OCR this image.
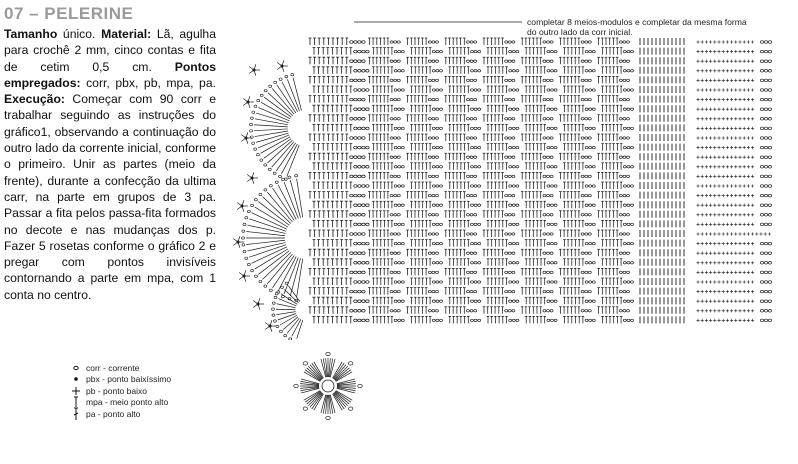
07 – PELERINE
Tamanho único. Material: Lã, agulha para crochê 2 mm, cinco contas e fita de cetim 0,5 cm. Pontos empregados: corr, pbx, pb, mpa, pa. Execução: Começar com 90 corr e trabalhar seguindo as instruções do gráfico1, observando a continuação do outro lado da corrente inicial, conforme o primeiro. Unir as partes (meio da frente), durante a confecção da ultima carr, na parte em grupos de 3 pa. Passar a fita pelos passa-fita formados no decote e nas mudanças dos p. Fazer 5 rosetas conforme o gráfico 2 e pregar com pontos invisíveis contornando a parte em mpa, com 1 conta no centro.
completar 8 meios-modulos e completar da mesma forma do outro lado da corr inicial.
corr - corrente
pbx - ponto baixíssimo
pb - ponto baixo
mpa - meio ponto alto
pa - ponto alto
